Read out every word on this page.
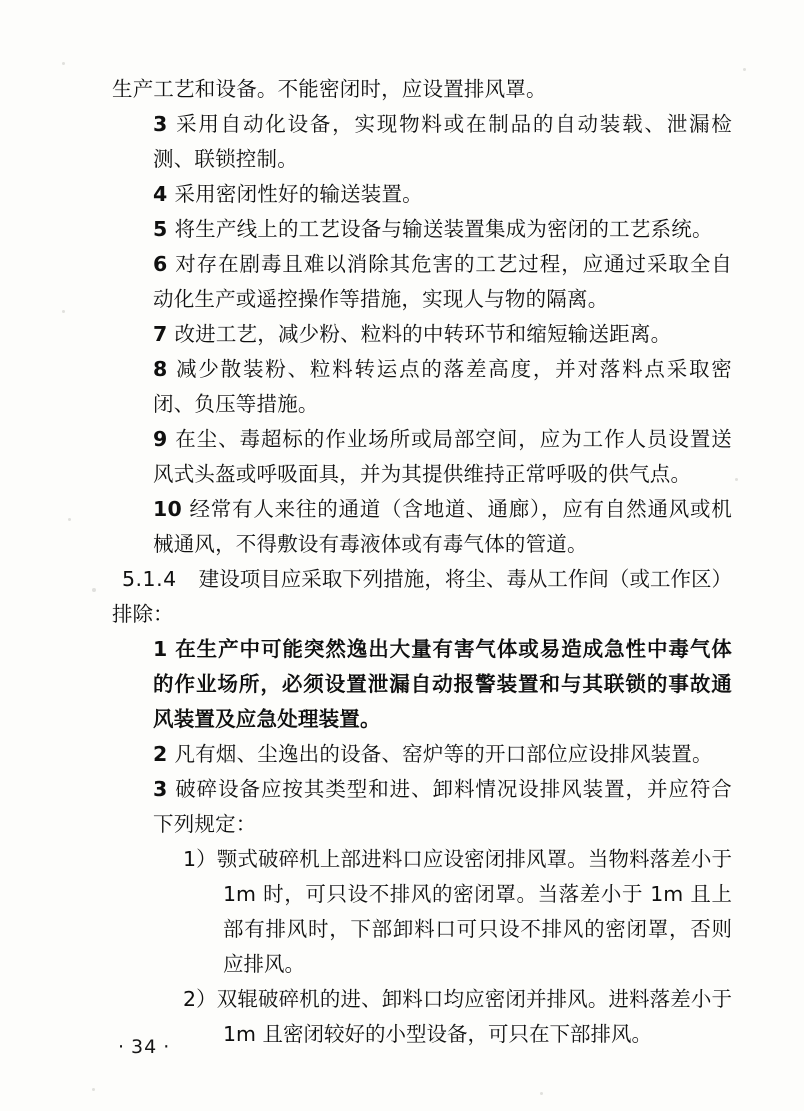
生产工艺和设备。不能密闭时，应设置排风罩。
3 采用自动化设备，实现物料或在制品的自动装载、泄漏检测、联锁控制。
4 采用密闭性好的输送装置。
5 将生产线上的工艺设备与输送装置集成为密闭的工艺系统。
6 对存在剧毒且难以消除其危害的工艺过程，应通过采取全自动化生产或遥控操作等措施，实现人与物的隔离。
7 改进工艺，减少粉、粒料的中转环节和缩短输送距离。
8 减少散装粉、粒料转运点的落差高度，并对落料点采取密闭、负压等措施。
9 在尘、毒超标的作业场所或局部空间，应为工作人员设置送风式头盔或呼吸面具，并为其提供维持正常呼吸的供气点。
10 经常有人来往的通道（含地道、通廊），应有自然通风或机械通风，不得敷设有毒液体或有毒气体的管道。
5.1.4 建设项目应采取下列措施，将尘、毒从工作间（或工作区）排除：
1 在生产中可能突然逸出大量有害气体或易造成急性中毒气体的作业场所，必须设置泄漏自动报警装置和与其联锁的事故通风装置及应急处理装置。
2 凡有烟、尘逸出的设备、窑炉等的开口部位应设排风装置。
3 破碎设备应按其类型和进、卸料情况设排风装置，并应符合下列规定：
1）颚式破碎机上部进料口应设密闭排风罩。当物料落差小于 1m 时，可只设不排风的密闭罩。当落差小于 1m 且上部有排风时，下部卸料口可只设不排风的密闭罩，否则应排风。
2）双辊破碎机的进、卸料口均应密闭并排风。进料落差小于 1m 且密闭较好的小型设备，可只在下部排风。
· 34 ·
